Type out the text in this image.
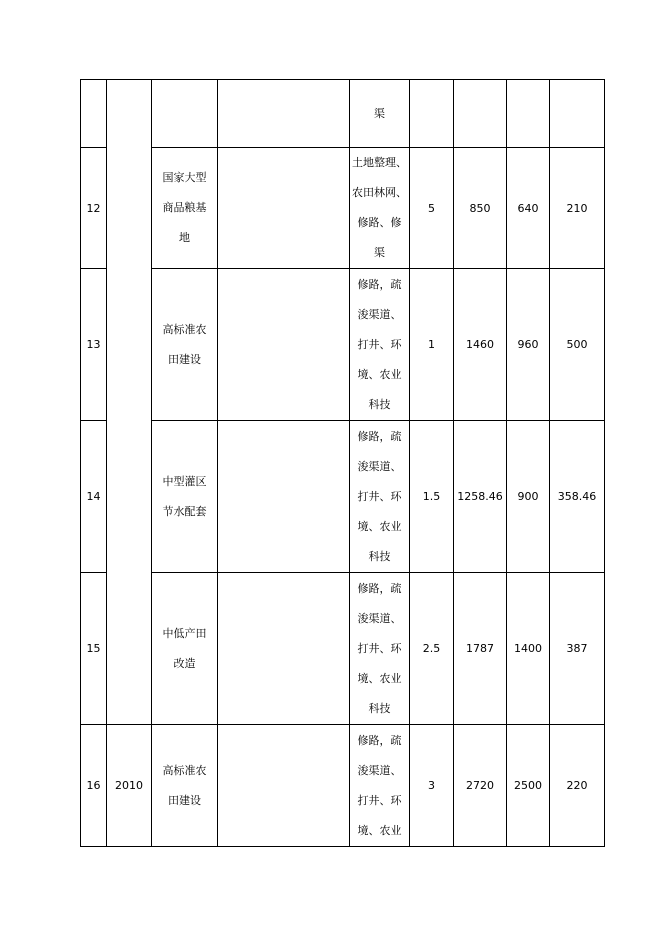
				渠				

12		国家大型
商品粮基
地		土地整理、
农田林网、
修路、修
渠	5	850	640	210
13		高标准农
田建设		修路，疏
浚渠道、
打井、环
境、农业
科技	1	1460	960	500
14		中型灌区
节水配套		修路，疏
浚渠道、
打井、环
境、农业
科技	1.5	1258.46	900	358.46
15		中低产田
改造		修路，疏
浚渠道、
打井、环
境、农业
科技	2.5	1787	1400	387
16	2010	高标准农
田建设		修路，疏
浚渠道、
打井、环
境、农业	3	2720	2500	220
